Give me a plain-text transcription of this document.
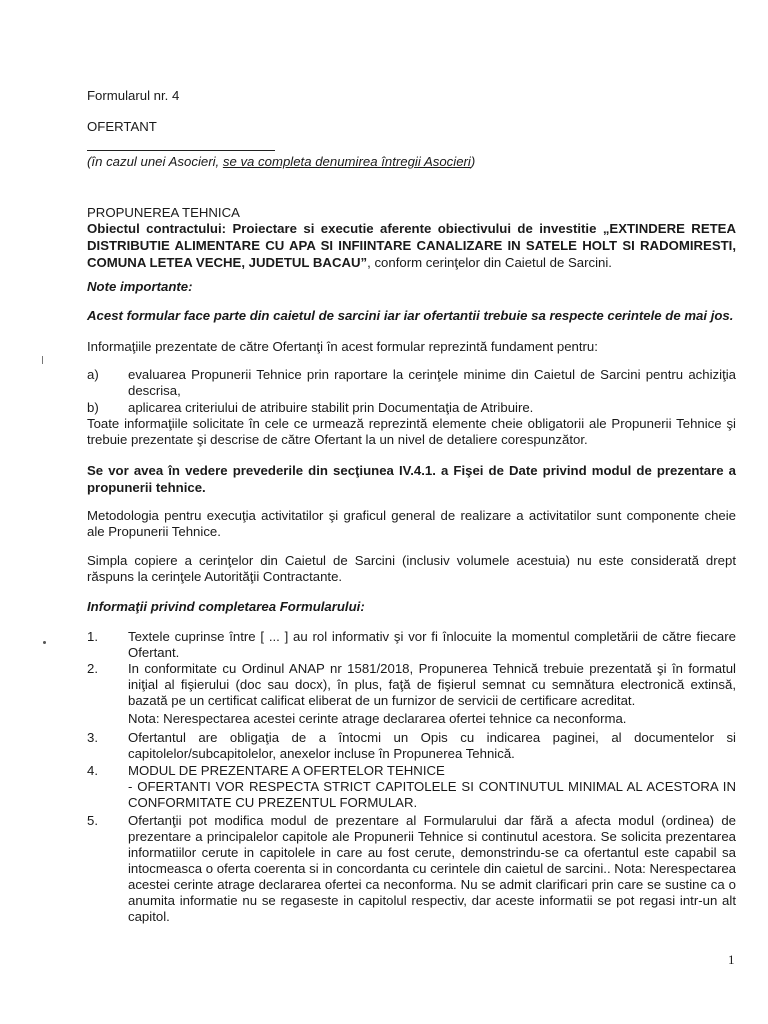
Formularul nr. 4
OFERTANT
(în cazul unei Asocieri, se va completa denumirea întregii Asocieri)
PROPUNEREA TEHNICA
Obiectul contractului: Proiectare si executie aferente obiectivului de investitie „EXTINDERE RETEA DISTRIBUTIE ALIMENTARE CU APA SI INFIINTARE CANALIZARE IN SATELE HOLT SI RADOMIRESTI, COMUNA LETEA VECHE, JUDETUL BACAU”, conform cerinţelor din Caietul de Sarcini.
Note importante:
Acest formular face parte din caietul de sarcini iar iar ofertantii trebuie sa respecte cerintele de mai jos.
Informaţiile prezentate de către Ofertanţi în acest formular reprezintă fundament pentru:
a) evaluarea Propunerii Tehnice prin raportare la cerinţele minime din Caietul de Sarcini pentru achiziţia descrisa,
b) aplicarea criteriului de atribuire stabilit prin Documentaţia de Atribuire.
Toate informaţiile solicitate în cele ce urmează reprezintă elemente cheie obligatorii ale Propunerii Tehnice şi trebuie prezentate şi descrise de către Ofertant la un nivel de detaliere corespunzător.
Se vor avea în vedere prevederile din secţiunea IV.4.1. a Fişei de Date privind modul de prezentare a propunerii tehnice.
Metodologia pentru execuţia activitatilor şi graficul general de realizare a activitatilor sunt componente cheie ale Propunerii Tehnice.
Simpla copiere a cerinţelor din Caietul de Sarcini (inclusiv volumele acestuia) nu este considerată drept răspuns la cerinţele Autorităţii Contractante.
Informaţii privind completarea Formularului:
1.	Textele cuprinse între [ ... ] au rol informativ şi vor fi înlocuite la momentul completării de către fiecare Ofertant.
2.	In conformitate cu Ordinul ANAP nr 1581/2018, Propunerea Tehnică trebuie prezentată şi în formatul iniţial al fişierului (doc sau docx), în plus, faţă de fişierul semnat cu semnătura electronică extinsă, bazată pe un certificat calificat eliberat de un furnizor de servicii de certificare acreditat.
Nota: Nerespectarea acestei cerinte atrage declararea ofertei tehnice ca neconforma.
3.	Ofertantul are obligaţia de a întocmi un Opis cu indicarea paginei, al documentelor si capitolelor/subcapitolelor, anexelor incluse în Propunerea Tehnică.
4.	MODUL DE PREZENTARE A OFERTELOR TEHNICE
- OFERTANTI VOR RESPECTA STRICT CAPITOLELE SI CONTINUTUL MINIMAL AL ACESTORA IN CONFORMITATE CU PREZENTUL FORMULAR.
5.	Ofertanţii pot modifica modul de prezentare al Formularului dar fără a afecta modul (ordinea) de prezentare a principalelor capitole ale Propunerii Tehnice si continutul acestora. Se solicita prezentarea informatiilor cerute in capitolele in care au fost cerute, demonstrindu-se ca ofertantul este capabil sa intocmeasca o oferta coerenta si in concordanta cu cerintele din caietul de sarcini.. Nota: Nerespectarea acestei cerinte atrage declararea ofertei ca neconforma. Nu se admit clarificari prin care se sustine ca o anumita informatie nu se regaseste in capitolul respectiv, dar aceste informatii se pot regasi intr-un alt capitol.
1
